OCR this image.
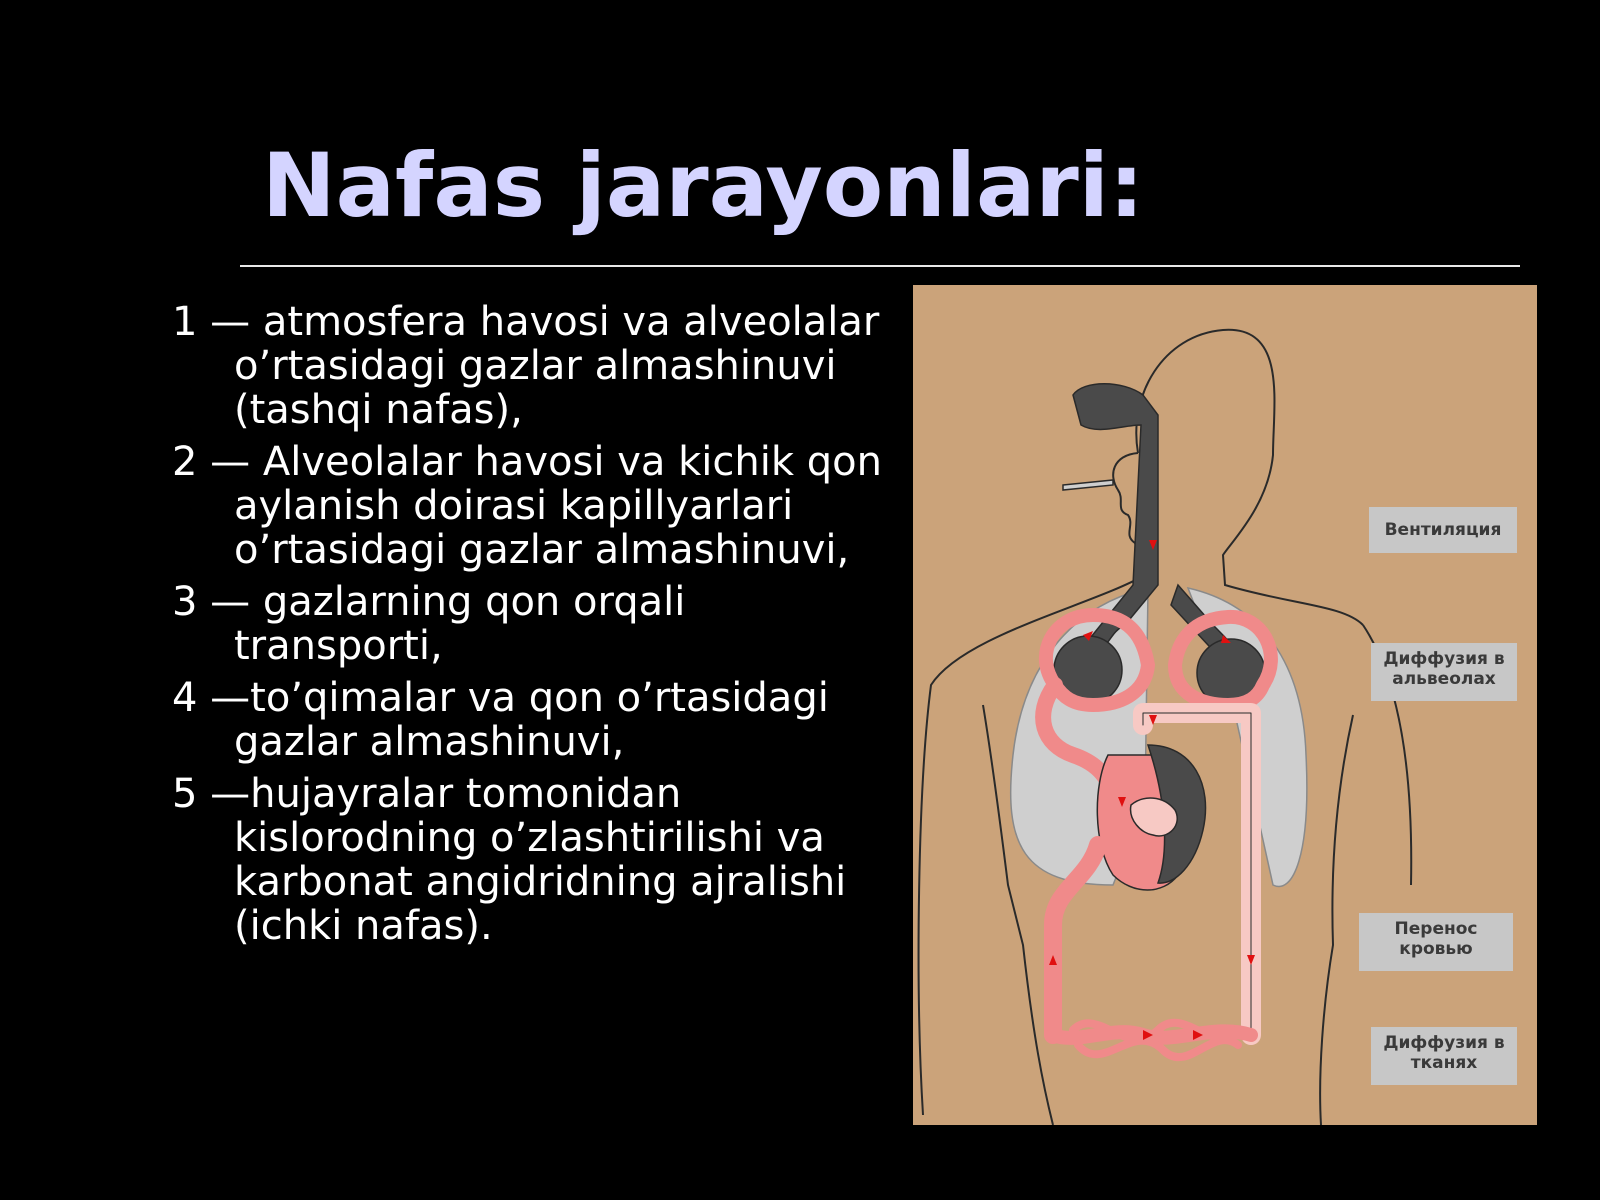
Nafas jarayonlari:
1 — atmosfera havosi va alveolalar o’rtasidagi gazlar almashinuvi (tashqi nafas),
2 — Alveolalar havosi va kichik qon aylanish doirasi kapillyarlari o’rtasidagi gazlar almashinuvi,
3 — gazlarning qon orqali transporti,
4 —to’qimalar va qon o’rtasidagi gazlar almashinuvi,
5 —hujayralar tomonidan kislorodning o’zlashtirilishi va karbonat angidridning ajralishi (ichki nafas).
Вентиляция
Диффузия в альвеолах
Перенос кровью
Диффузия в тканях
